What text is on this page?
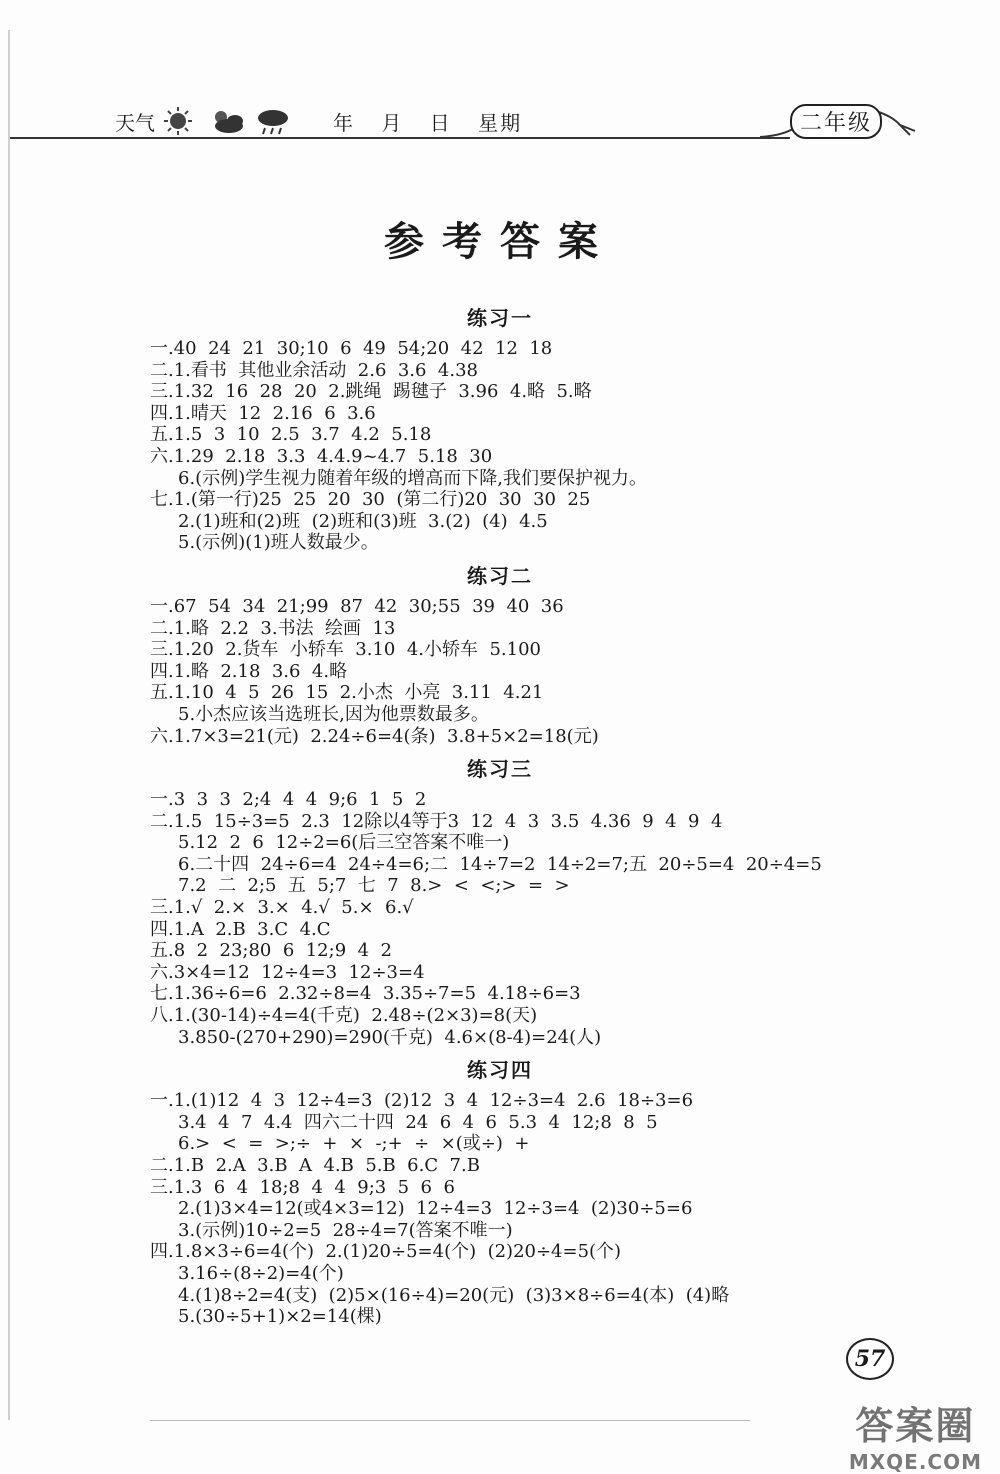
天气	年 月 日 星期	二年级
参考答案
练习一
一.40  24  21  30;10  6  49  54;20  42  12  18
二.1.看书  其他业余活动  2.6  3.6  4.38
三.1.32  16  28  20  2.跳绳  踢毽子  3.96  4.略  5.略
四.1.晴天  12  2.16  6  3.6
五.1.5  3  10  2.5  3.7  4.2  5.18
六.1.29  2.18  3.3  4.4.9~4.7  5.18  30
6.(示例)学生视力随着年级的增高而下降,我们要保护视力。
七.1.(第一行)25  25  20  30  (第二行)20  30  30  25
2.(1)班和(2)班  (2)班和(3)班  3.(2)  (4)  4.5
5.(示例)(1)班人数最少。
练习二
一.67  54  34  21;99  87  42  30;55  39  40  36
二.1.略  2.2  3.书法  绘画  13
三.1.20  2.货车  小轿车  3.10  4.小轿车  5.100
四.1.略  2.18  3.6  4.略
五.1.10  4  5  26  15  2.小杰  小亮  3.11  4.21
5.小杰应该当选班长,因为他票数最多。
六.1.7×3=21(元)  2.24÷6=4(条)  3.8+5×2=18(元)
练习三
一.3  3  3  2;4  4  4  9;6  1  5  2
二.1.5  15÷3=5  2.3  12除以4等于3  12  4  3  3.5  4.36  9  4  9  4
5.12  2  6  12÷2=6(后三空答案不唯一)
6.二十四  24÷6=4  24÷4=6;二  14÷7=2  14÷2=7;五  20÷5=4  20÷4=5
7.2  二  2;5  五  5;7  七  7  8.>  <  <;>  =  >
三.1.√  2.×  3.×  4.√  5.×  6.√
四.1.A  2.B  3.C  4.C
五.8  2  23;80  6  12;9  4  2
六.3×4=12  12÷4=3  12÷3=4
七.1.36÷6=6  2.32÷8=4  3.35÷7=5  4.18÷6=3
八.1.(30-14)÷4=4(千克)  2.48÷(2×3)=8(天)
3.850-(270+290)=290(千克)  4.6×(8-4)=24(人)
练习四
一.1.(1)12  4  3  12÷4=3  (2)12  3  4  12÷3=4  2.6  18÷3=6
3.4  4  7  4.4  四六二十四  24  6  4  6  5.3  4  12;8  8  5
6.>  <  =  >;÷  +  ×  -;+  ÷  ×(或÷)  +
二.1.B  2.A  3.B  A  4.B  5.B  6.C  7.B
三.1.3  6  4  18;8  4  4  9;3  5  6  6
2.(1)3×4=12(或4×3=12)  12÷4=3  12÷3=4  (2)30÷5=6
3.(示例)10÷2=5  28÷4=7(答案不唯一)
四.1.8×3÷6=4(个)  2.(1)20÷5=4(个)  (2)20÷4=5(个)
3.16÷(8÷2)=4(个)
4.(1)8÷2=4(支)  (2)5×(16÷4)=20(元)  (3)3×8÷6=4(本)  (4)略
5.(30÷5+1)×2=14(棵)
57
答案圈
MXQE.COM
